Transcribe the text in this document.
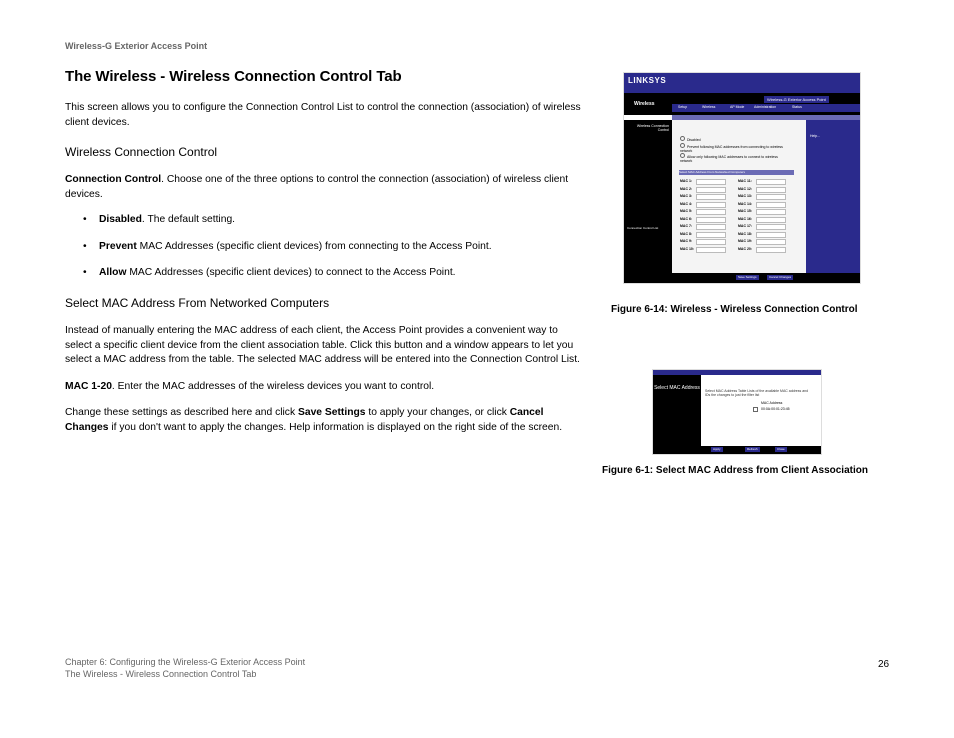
Wireless-G Exterior Access Point
The Wireless - Wireless Connection Control Tab
This screen allows you to configure the Connection Control List to control the connection (association) of wireless
client devices.
Wireless Connection Control
Connection Control. Choose one of the three options to control the connection (association) of wireless client
devices.
• Disabled. The default setting.
• Prevent MAC Addresses (specific client devices) from connecting to the Access Point.
• Allow MAC Addresses (specific client devices) to connect to the Access Point.
Select MAC Address From Networked Computers
Instead of manually entering the MAC address of each client, the Access Point provides a convenient way to
select a specific client device from the client association table. Click this button and a window appears to let you
select a MAC address from the table. The selected MAC address will be entered into the Connection Control List.
MAC 1-20. Enter the MAC addresses of the wireless devices you want to control.
Change these settings as described here and click Save Settings to apply your changes, or click Cancel
Changes if you don't want to apply the changes. Help information is displayed on the right side of the screen.
LINKSYS
Wireless-G Exterior Access Point
Wireless	Setup	Wireless	AP Mode	Administration	Status
Wireless Connection Control
Connection Control List
Disabled
Prevent following MAC addresses from connecting to wireless network
Allow only following MAC addresses to connect to wireless network
Select MAC Address From Networked Computers
MAC 1:
MAC 2:
MAC 3:
MAC 4:
MAC 5:
MAC 6:
MAC 7:
MAC 8:
MAC 9:
MAC 10:
MAC 11:
MAC 12:
MAC 13:
MAC 14:
MAC 15:
MAC 16:
MAC 17:
MAC 18:
MAC 19:
MAC 20:
Help...
Save Settings	Cancel Changes
Figure 6-14: Wireless - Wireless Connection Control
Select MAC Address	Select MAC Address Table Lists of the available MAC address and IDs the changes to just the filter list
MAC Address
00:0A:00:01:23:45
Apply	Refresh	Close
Figure 6-1: Select MAC Address from Client Association
Chapter 6: Configuring the Wireless-G Exterior Access Point
The Wireless - Wireless Connection Control Tab
26
